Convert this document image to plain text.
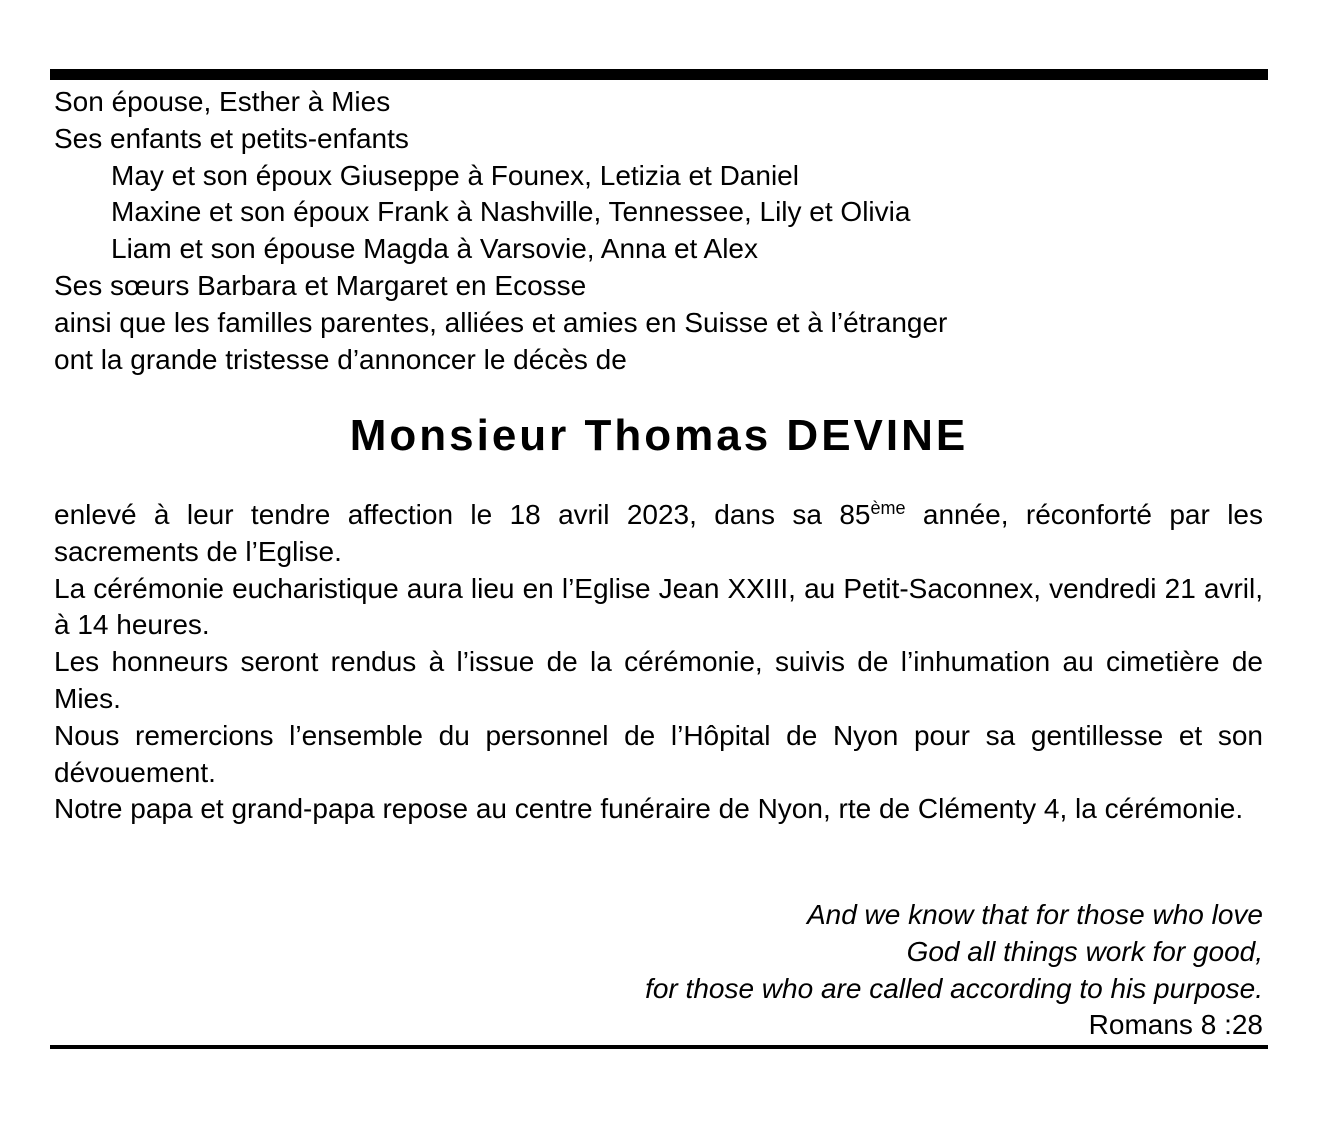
Son épouse, Esther à Mies
Ses enfants et petits-enfants
May et son époux Giuseppe à Founex, Letizia et Daniel
Maxine et son époux Frank à Nashville, Tennessee, Lily et Olivia
Liam et son épouse Magda à Varsovie, Anna et Alex
Ses sœurs Barbara et Margaret en Ecosse
ainsi que les familles parentes, alliées et amies en Suisse et à l’étranger
ont la grande tristesse d’annoncer le décès de
Monsieur Thomas DEVINE

enlevé à leur tendre affection le 18 avril 2023, dans sa 85ème année, réconforté par les sacrements de l’Eglise.

La cérémonie eucharistique aura lieu en l’Eglise Jean XXIII, au Petit-Saconnex, vendredi 21 avril, à 14 heures.

Les honneurs seront rendus à l’issue de la cérémonie, suivis de l’inhumation au cimetière de Mies.

Nous remercions l’ensemble du personnel de l’Hôpital de Nyon pour sa gentillesse et son dévouement.

Notre papa et grand-papa repose au centre funéraire de Nyon, rte de Clémenty 4, la cérémonie.

And we know that for those who love
God all things work for good,
for those who are called according to his purpose.
Romans 8 :28
